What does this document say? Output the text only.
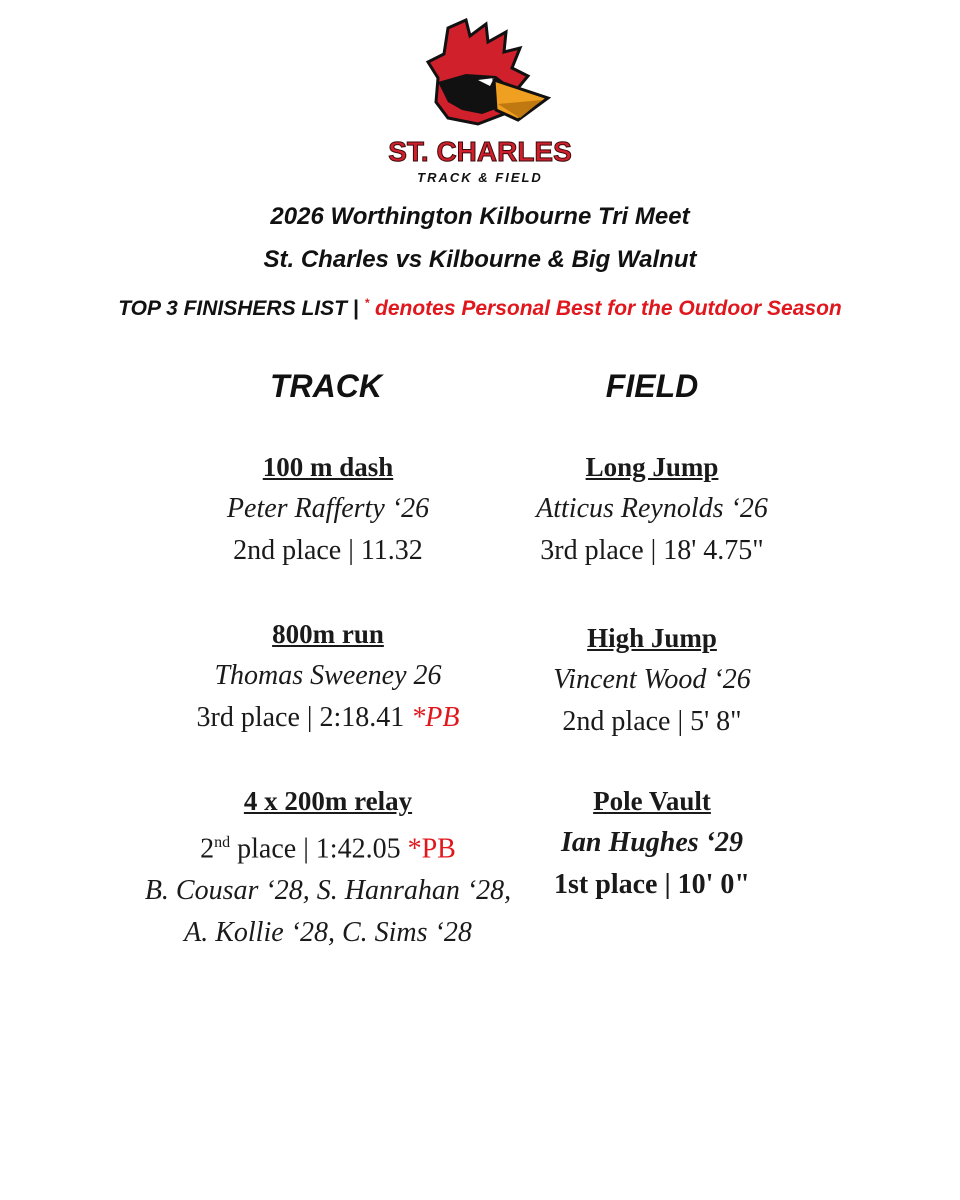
ST. CHARLES
TRACK & FIELD
2026 Worthington Kilbourne Tri Meet
St. Charles vs Kilbourne & Big Walnut
TOP 3 FINISHERS LIST | * denotes Personal Best for the Outdoor Season
TRACK	FIELD
100 m dash
Peter Rafferty ‘26
2nd place | 11.32
800m run
Thomas Sweeney 26
3rd place | 2:18.41 *PB
4 x 200m relay
2nd place | 1:42.05 *PB
B. Cousar ‘28, S. Hanrahan ‘28,
A. Kollie ‘28, C. Sims ‘28
Long Jump
Atticus Reynolds ‘26
3rd place | 18' 4.75"
High Jump
Vincent Wood ‘26
2nd place | 5' 8"
Pole Vault
Ian Hughes ‘29
1st place | 10' 0"
